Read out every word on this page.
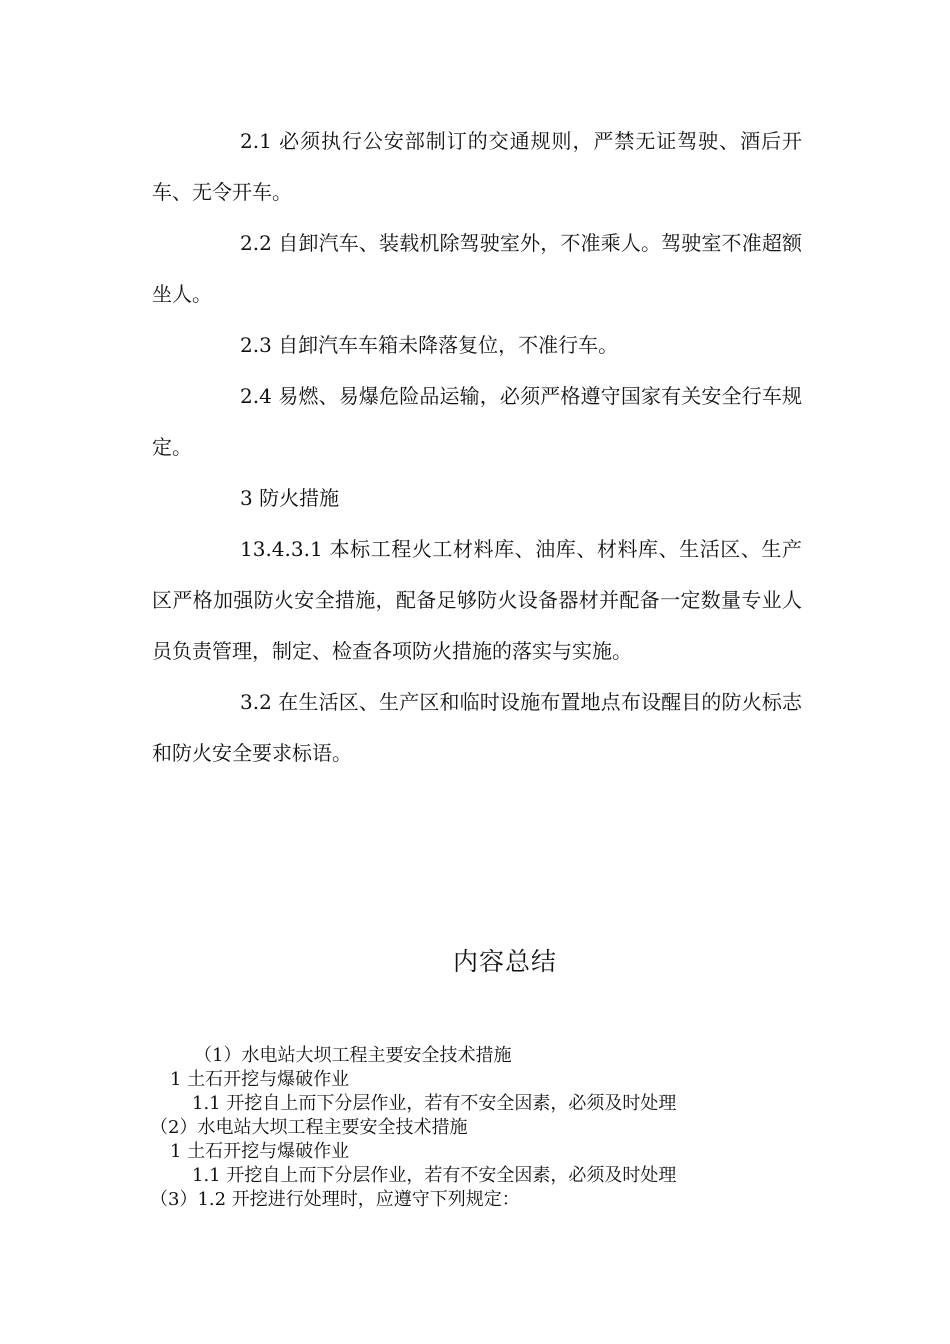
2.1 必须执行公安部制订的交通规则，严禁无证驾驶、酒后开车、无令开车。

2.2 自卸汽车、装载机除驾驶室外，不准乘人。驾驶室不准超额坐人。

2.3 自卸汽车车箱未降落复位，不准行车。

2.4 易燃、易爆危险品运输，必须严格遵守国家有关安全行车规定。

3 防火措施

13.4.3.1 本标工程火工材料库、油库、材料库、生活区、生产区严格加强防火安全措施，配备足够防火设备器材并配备一定数量专业人员负责管理，制定、检查各项防火措施的落实与实施。

3.2 在生活区、生产区和临时设施布置地点布设醒目的防火标志和防火安全要求标语。

内容总结

（1）水电站大坝工程主要安全技术措施

1 土石开挖与爆破作业

1.1 开挖自上而下分层作业，若有不安全因素，必须及时处理

（2）水电站大坝工程主要安全技术措施

1 土石开挖与爆破作业

1.1 开挖自上而下分层作业，若有不安全因素，必须及时处理

（3）1.2 开挖进行处理时，应遵守下列规定：
